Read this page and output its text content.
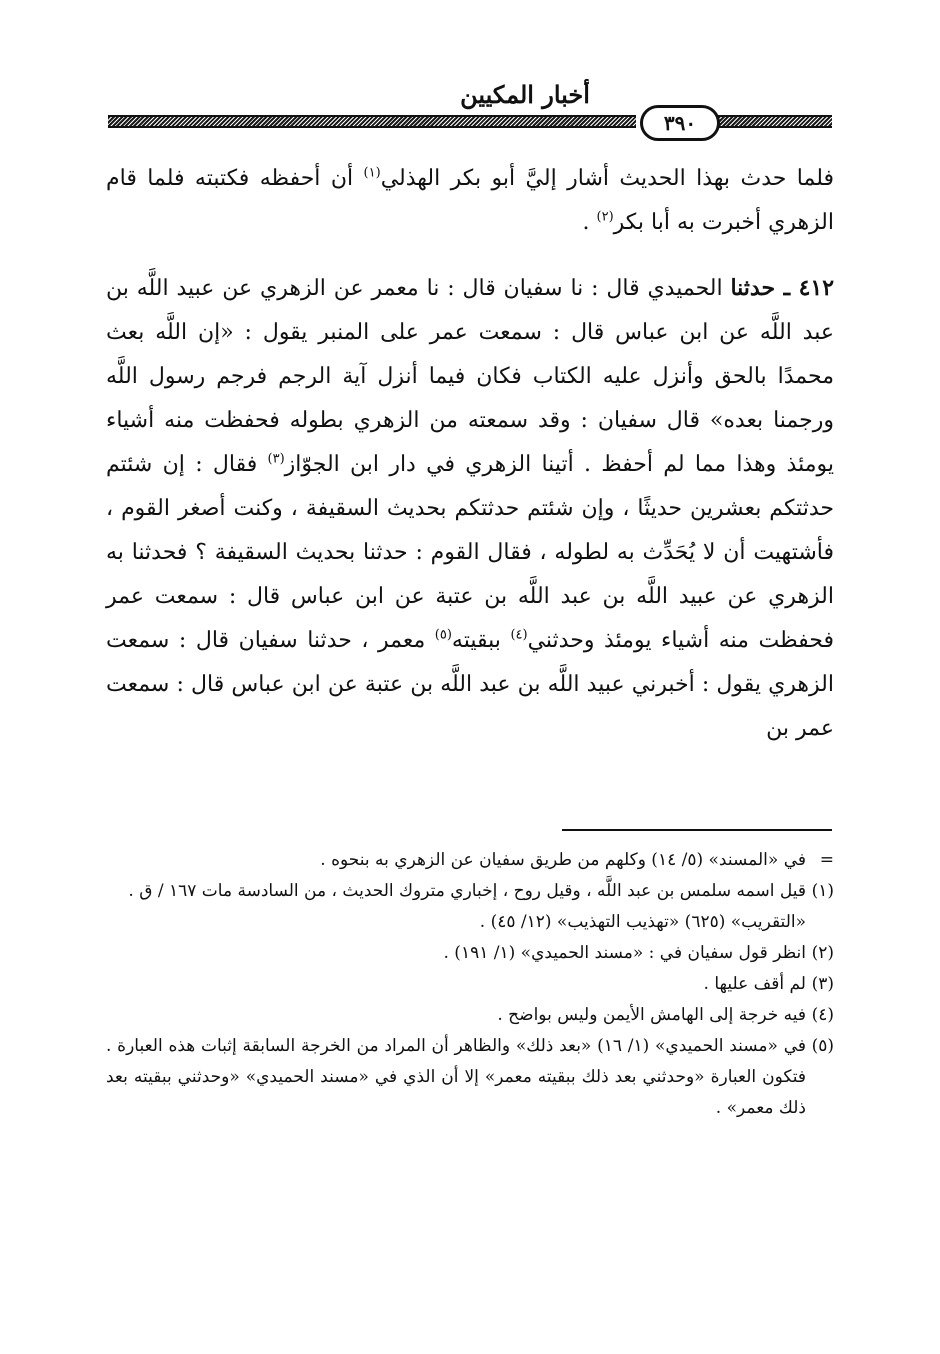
أخبار المكيين
٣٩٠

فلما حدث بهذا الحديث أشار إليَّ أبو بكر الهذلي$^{(١)}$ أن أحفظه فكتبته فلما قام الزهري أخبرت به أبا بكر$^{(٢)}$ .

٤١٢ ـ حدثنا الحميدي قال : نا سفيان قال : نا معمر عن الزهري عن عبيد اللَّه بن عبد اللَّه عن ابن عباس قال : سمعت عمر على المنبر يقول : «إن اللَّه بعث محمدًا بالحق وأنزل عليه الكتاب فكان فيما أنزل آية الرجم فرجم رسول اللَّه ورجمنا بعده» قال سفيان : وقد سمعته من الزهري بطوله فحفظت منه أشياء يومئذ وهذا مما لم أحفظ . أتينا الزهري في دار ابن الجوّاز$^{(٣)}$ فقال : إن شئتم حدثتكم بعشرين حديثًا ، وإن شئتم حدثتكم بحديث السقيفة ، وكنت أصغر القوم ، فأشتهيت أن لا يُحَدِّث به لطوله ، فقال القوم : حدثنا بحديث السقيفة ؟ فحدثنا به الزهري عن عبيد اللَّه بن عبد اللَّه بن عتبة عن ابن عباس قال : سمعت عمر فحفظت منه أشياء يومئذ وحدثني$^{(٤)}$ ببقيته$^{(٥)}$ معمر ، حدثنا سفيان قال : سمعت الزهري يقول : أخبرني عبيد اللَّه بن عبد اللَّه بن عتبة عن ابن عباس قال : سمعت عمر بن

=
في «المسند» (٥/ ١٤) وكلهم من طريق سفيان عن الزهري به بنحوه .
(١)
قيل اسمه سلمس بن عبد اللَّه ، وقيل روح ، إخباري متروك الحديث ، من السادسة مات ١٦٧ / ق .
«التقريب» (٦٢٥) «تهذيب التهذيب» (١٢/ ٤٥) .
(٢)
انظر قول سفيان في : «مسند الحميدي» (١/ ١٩١) .
(٣)
لم أقف عليها .
(٤)
فيه خرجة إلى الهامش الأيمن وليس بواضح .
(٥)
في «مسند الحميدي» (١/ ١٦) «بعد ذلك» والظاهر أن المراد من الخرجة السابقة إثبات هذه العبارة . فتكون العبارة «وحدثني بعد ذلك ببقيته معمر» إلا أن الذي في «مسند الحميدي» «وحدثني ببقيته بعد ذلك معمر» .
